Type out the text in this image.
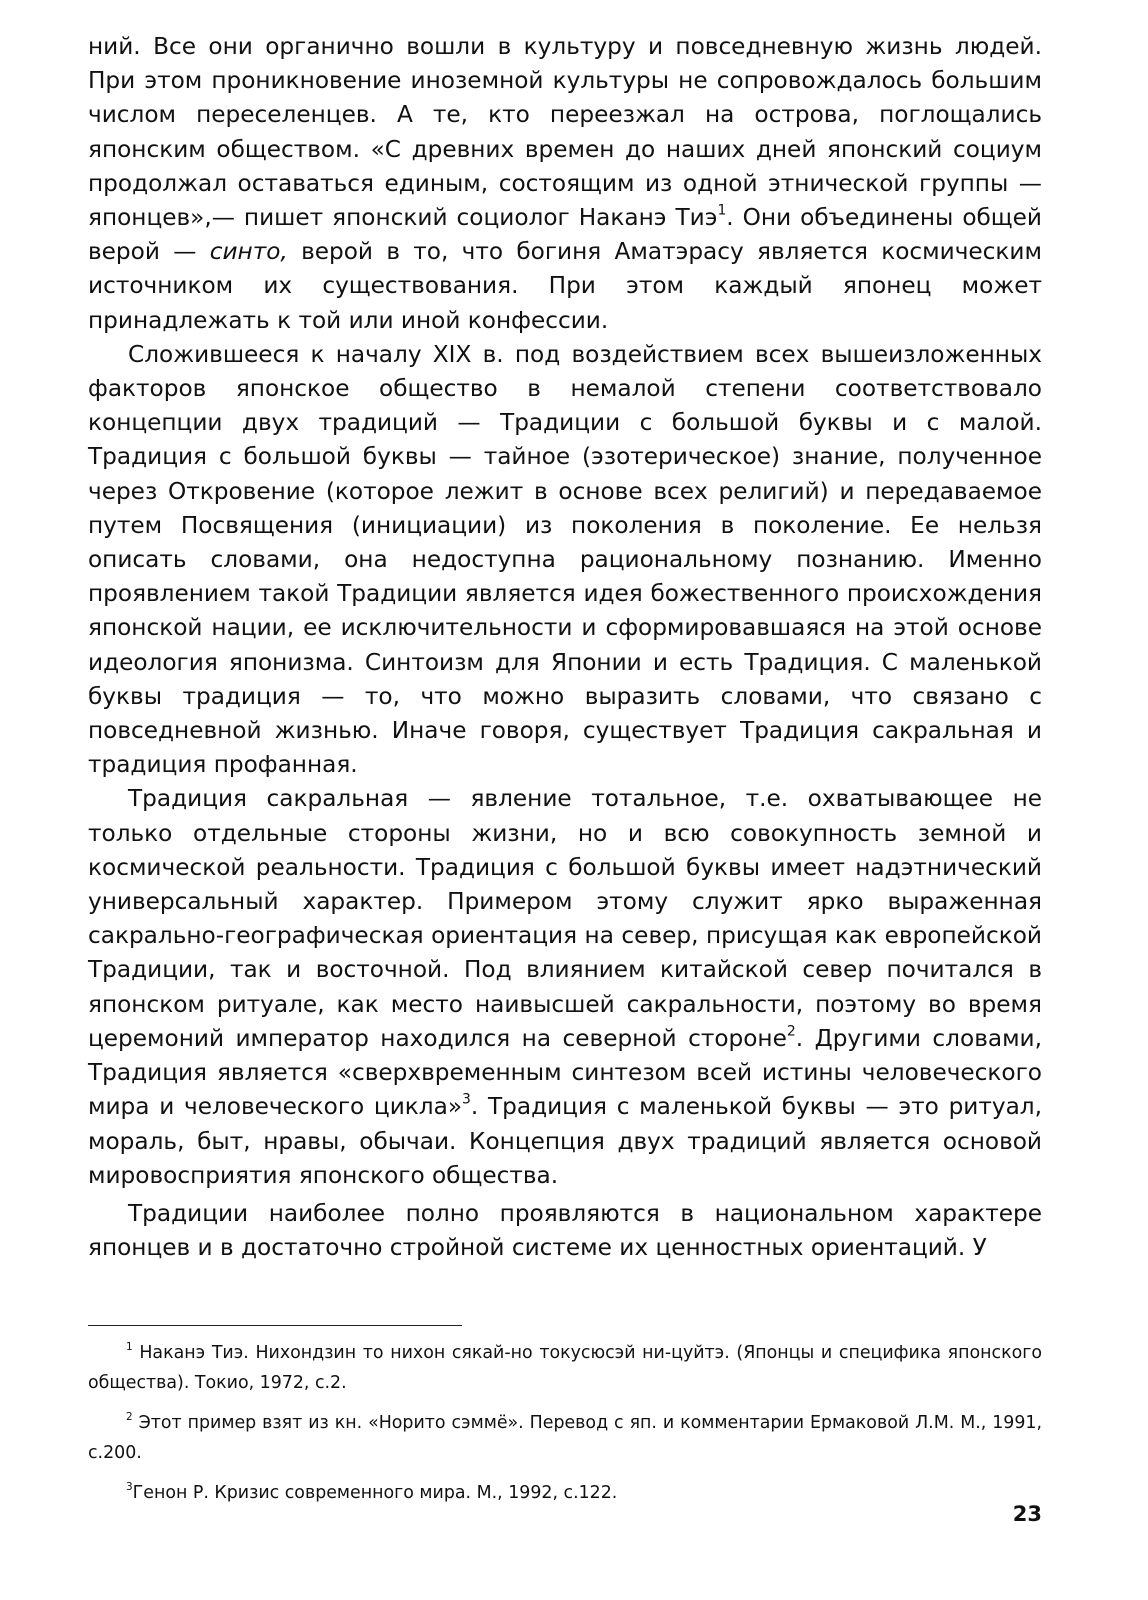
ний. Все они органично вошли в культуру и повседневную жизнь людей. При этом проникновение иноземной культуры не сопровождалось большим числом переселенцев. А те, кто переезжал на острова, поглощались японским обществом. «С древних времен до наших дней японский социум продолжал оставаться единым, состоящим из одной этнической группы — японцев»,— пишет японский социолог Наканэ Тиэ$^1$. Они объединены общей верой — синто, верой в то, что богиня Аматэрасу является космическим источником их существования. При этом каждый японец может принадлежать к той или иной конфессии.

Сложившееся к началу XIX в. под воздействием всех вышеизложенных факторов японское общество в немалой степени соответствовало концепции двух традиций — Традиции с большой буквы и с малой. Традиция с большой буквы — тайное (эзотерическое) знание, полученное через Откровение (которое лежит в основе всех религий) и передаваемое путем Посвящения (инициации) из поколения в поколение. Ее нельзя описать словами, она недоступна рациональному познанию. Именно проявлением такой Традиции является идея божественного происхождения японской нации, ее исключительности и сформировавшаяся на этой основе идеология японизма. Синтоизм для Японии и есть Традиция. С маленькой буквы традиция — то, что можно выразить словами, что связано с повседневной жизнью. Иначе говоря, существует Традиция сакральная и традиция профанная.

Традиция сакральная — явление тотальное, т.е. охватывающее не только отдельные стороны жизни, но и всю совокупность земной и космической реальности. Традиция с большой буквы имеет надэтнический универсальный характер. Примером этому служит ярко выраженная сакрально-географическая ориентация на север, присущая как европейской Традиции, так и восточной. Под влиянием китайской север почитался в японском ритуале, как место наивысшей сакральности, поэтому во время церемоний император находился на северной стороне$^2$. Другими словами, Традиция является «сверхвременным синтезом всей истины человеческого мира и человеческого цикла»$^3$. Традиция с маленькой буквы — это ритуал, мораль, быт, нравы, обычаи. Концепция двух традиций является основой мировосприятия японского общества.

Традиции наиболее полно проявляются в национальном характере японцев и в достаточно стройной системе их ценностных ориентаций. У

$^1$ Наканэ Тиэ. Нихондзин то нихон сякай-но токусюсэй ни-цуйтэ. (Японцы и специфика японского общества). Токио, 1972, с.2.

$^2$ Этот пример взят из кн. «Норито сэммё». Перевод с яп. и комментарии Ермаковой Л.М. М., 1991, с.200.

$^3$Генон Р. Кризис современного мира. М., 1992, с.122.

23
